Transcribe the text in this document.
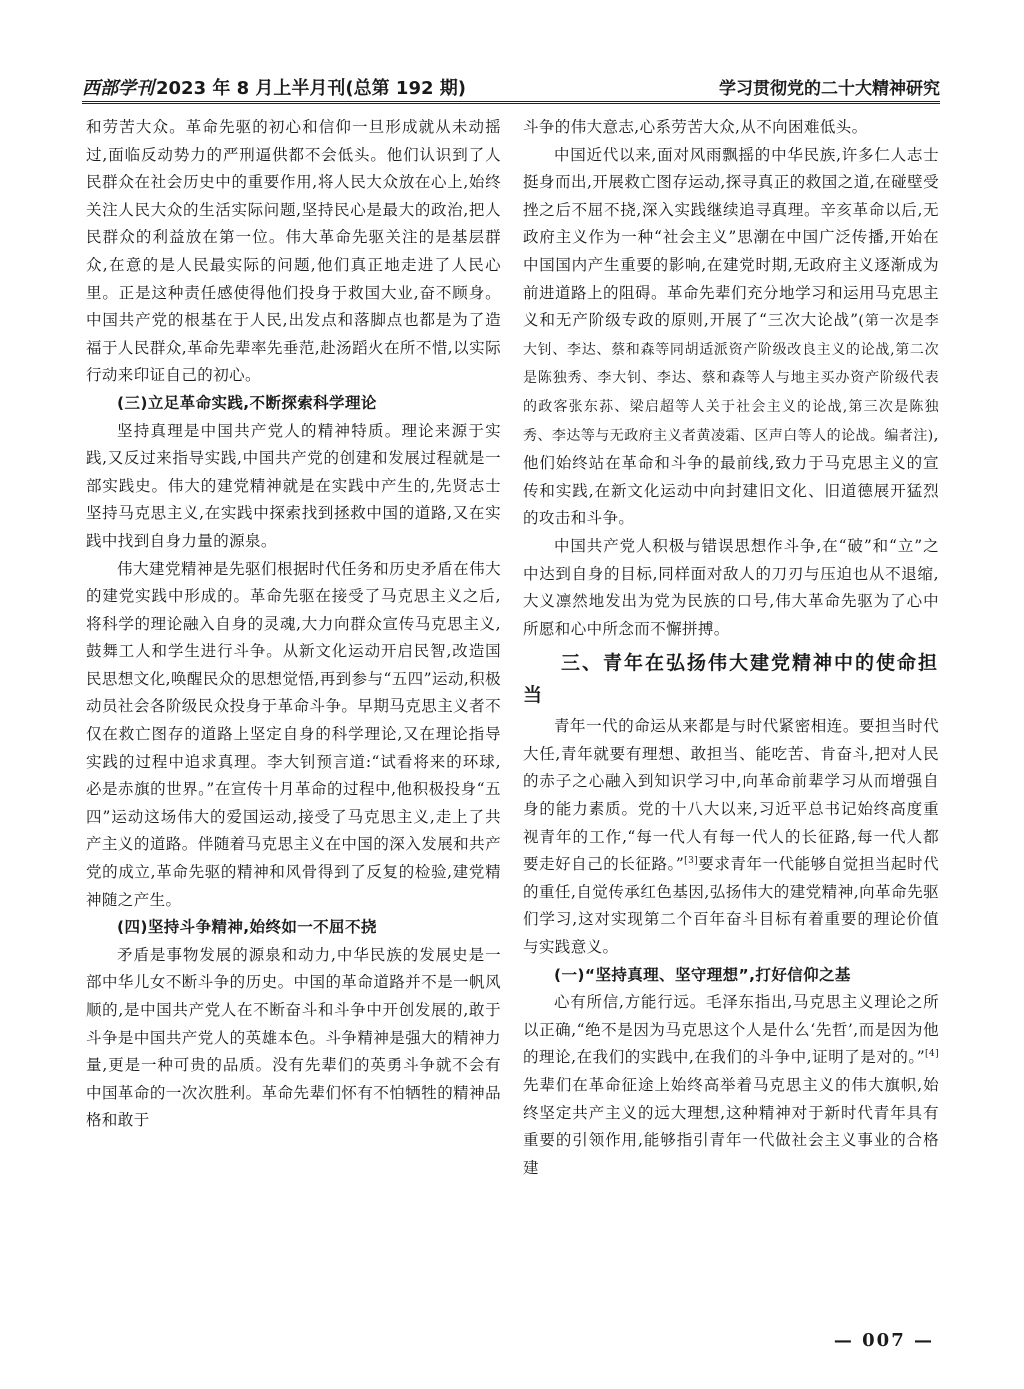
西部学刊 2023 年 8 月上半月刊(总第 192 期)	学习贯彻党的二十大精神研究

和劳苦大众。革命先驱的初心和信仰一旦形成就从未动摇过,面临反动势力的严刑逼供都不会低头。他们认识到了人民群众在社会历史中的重要作用,将人民大众放在心上,始终关注人民大众的生活实际问题,坚持民心是最大的政治,把人民群众的利益放在第一位。伟大革命先驱关注的是基层群众,在意的是人民最实际的问题,他们真正地走进了人民心里。正是这种责任感使得他们投身于救国大业,奋不顾身。中国共产党的根基在于人民,出发点和落脚点也都是为了造福于人民群众,革命先辈率先垂范,赴汤蹈火在所不惜,以实际行动来印证自己的初心。

(三)立足革命实践,不断探索科学理论

坚持真理是中国共产党人的精神特质。理论来源于实践,又反过来指导实践,中国共产党的创建和发展过程就是一部实践史。伟大的建党精神就是在实践中产生的,先贤志士坚持马克思主义,在实践中探索找到拯救中国的道路,又在实践中找到自身力量的源泉。

伟大建党精神是先驱们根据时代任务和历史矛盾在伟大的建党实践中形成的。革命先驱在接受了马克思主义之后,将科学的理论融入自身的灵魂,大力向群众宣传马克思主义,鼓舞工人和学生进行斗争。从新文化运动开启民智,改造国民思想文化,唤醒民众的思想觉悟,再到参与“五四”运动,积极动员社会各阶级民众投身于革命斗争。早期马克思主义者不仅在救亡图存的道路上坚定自身的科学理论,又在理论指导实践的过程中追求真理。李大钊预言道:“试看将来的环球,必是赤旗的世界。”在宣传十月革命的过程中,他积极投身“五四”运动这场伟大的爱国运动,接受了马克思主义,走上了共产主义的道路。伴随着马克思主义在中国的深入发展和共产党的成立,革命先驱的精神和风骨得到了反复的检验,建党精神随之产生。

(四)坚持斗争精神,始终如一不屈不挠

矛盾是事物发展的源泉和动力,中华民族的发展史是一部中华儿女不断斗争的历史。中国的革命道路并不是一帆风顺的,是中国共产党人在不断奋斗和斗争中开创发展的,敢于斗争是中国共产党人的英雄本色。斗争精神是强大的精神力量,更是一种可贵的品质。没有先辈们的英勇斗争就不会有中国革命的一次次胜利。革命先辈们怀有不怕牺牲的精神品格和敢于

斗争的伟大意志,心系劳苦大众,从不向困难低头。

中国近代以来,面对风雨飘摇的中华民族,许多仁人志士挺身而出,开展救亡图存运动,探寻真正的救国之道,在碰壁受挫之后不屈不挠,深入实践继续追寻真理。辛亥革命以后,无政府主义作为一种“社会主义”思潮在中国广泛传播,开始在中国国内产生重要的影响,在建党时期,无政府主义逐渐成为前进道路上的阻碍。革命先辈们充分地学习和运用马克思主义和无产阶级专政的原则,开展了“三次大论战”(第一次是李大钊、李达、蔡和森等同胡适派资产阶级改良主义的论战,第二次是陈独秀、李大钊、李达、蔡和森等人与地主买办资产阶级代表的政客张东荪、梁启超等人关于社会主义的论战,第三次是陈独秀、李达等与无政府主义者黄凌霜、区声白等人的论战。编者注),他们始终站在革命和斗争的最前线,致力于马克思主义的宣传和实践,在新文化运动中向封建旧文化、旧道德展开猛烈的攻击和斗争。

中国共产党人积极与错误思想作斗争,在“破”和“立”之中达到自身的目标,同样面对敌人的刀刃与压迫也从不退缩,大义凛然地发出为党为民族的口号,伟大革命先驱为了心中所愿和心中所念而不懈拼搏。

三、青年在弘扬伟大建党精神中的使命担当

青年一代的命运从来都是与时代紧密相连。要担当时代大任,青年就要有理想、敢担当、能吃苦、肯奋斗,把对人民的赤子之心融入到知识学习中,向革命前辈学习从而增强自身的能力素质。党的十八大以来,习近平总书记始终高度重视青年的工作,“每一代人有每一代人的长征路,每一代人都要走好自己的长征路。”[3]要求青年一代能够自觉担当起时代的重任,自觉传承红色基因,弘扬伟大的建党精神,向革命先驱们学习,这对实现第二个百年奋斗目标有着重要的理论价值与实践意义。

(一)“坚持真理、坚守理想”,打好信仰之基

心有所信,方能行远。毛泽东指出,马克思主义理论之所以正确,“绝不是因为马克思这个人是什么‘先哲’,而是因为他的理论,在我们的实践中,在我们的斗争中,证明了是对的。”[4]先辈们在革命征途上始终高举着马克思主义的伟大旗帜,始终坚定共产主义的远大理想,这种精神对于新时代青年具有重要的引领作用,能够指引青年一代做社会主义事业的合格建

— 007 —
